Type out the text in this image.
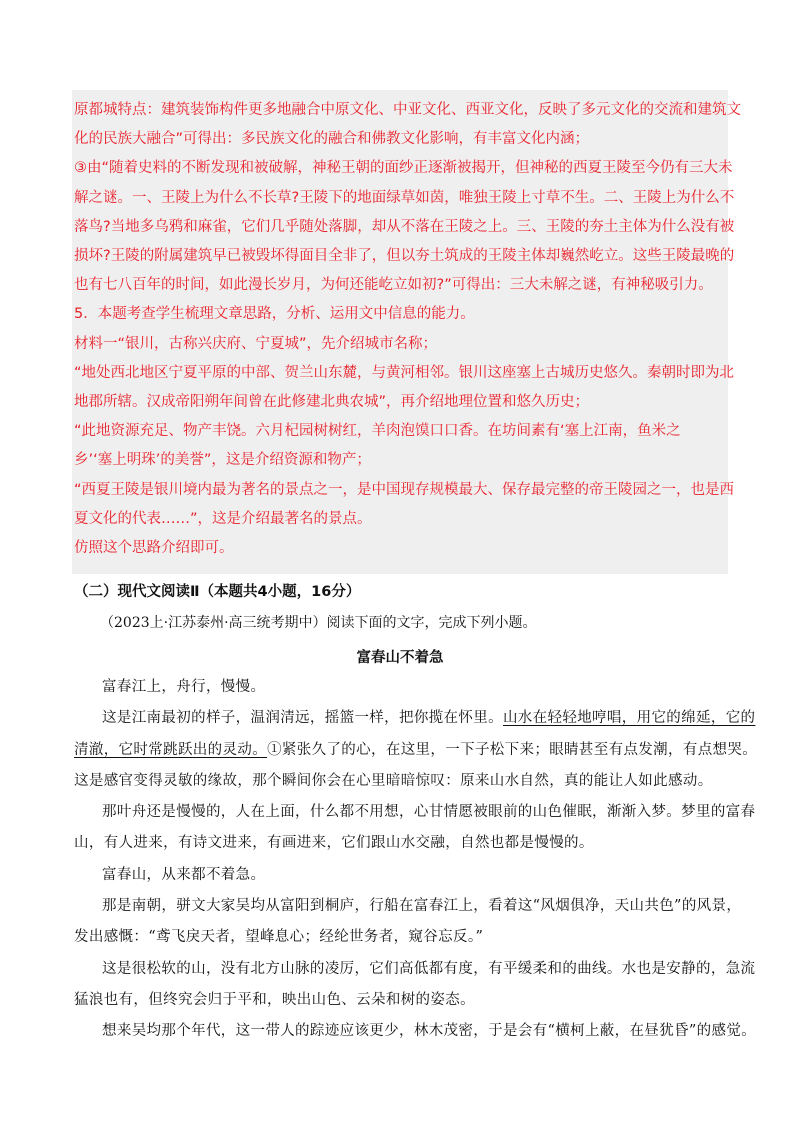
原都城特点：建筑装饰构件更多地融合中原文化、中亚文化、西亚文化，反映了多元文化的交流和建筑文

化的民族大融合”可得出：多民族文化的融合和佛教文化影响，有丰富文化内涵；

③由“随着史料的不断发现和被破解，神秘王朝的面纱正逐渐被揭开，但神秘的西夏王陵至今仍有三大未

解之谜。一、王陵上为什么不长草?王陵下的地面绿草如茵，唯独王陵上寸草不生。二、王陵上为什么不

落鸟?当地多乌鸦和麻雀，它们几乎随处落脚，却从不落在王陵之上。三、王陵的夯土主体为什么没有被

损坏?王陵的附属建筑早已被毁坏得面目全非了，但以夯土筑成的王陵主体却巍然屹立。这些王陵最晚的

也有七八百年的时间，如此漫长岁月，为何还能屹立如初?”可得出：三大未解之谜，有神秘吸引力。

5．本题考查学生梳理文章思路，分析、运用文中信息的能力。

材料一“银川，古称兴庆府、宁夏城”，先介绍城市名称；

“地处西北地区宁夏平原的中部、贺兰山东麓，与黄河相邻。银川这座塞上古城历史悠久。秦朝时即为北

地郡所辖。汉成帝阳朔年间曾在此修建北典农城”，再介绍地理位置和悠久历史；

“此地资源充足、物产丰饶。六月杞园树树红，羊肉泡馍口口香。在坊间素有‘塞上江南，鱼米之

乡’‘塞上明珠’的美誉”，这是介绍资源和物产；

“西夏王陵是银川境内最为著名的景点之一，是中国现存规模最大、保存最完整的帝王陵园之一，也是西

夏文化的代表……”，这是介绍最著名的景点。

仿照这个思路介绍即可。

（二）现代文阅读Ⅱ（本题共4小题，16分）
（2023上·江苏泰州·高三统考期中）阅读下面的文字，完成下列小题。
富春山不着急

富春江上，舟行，慢慢。

这是江南最初的样子，温润清远，摇篮一样，把你揽在怀里。山水在轻轻地哼唱，用它的绵延，它的

清澈，它时常跳跃出的灵动。①紧张久了的心，在这里，一下子松下来；眼睛甚至有点发潮，有点想哭。

这是感官变得灵敏的缘故，那个瞬间你会在心里暗暗惊叹：原来山水自然，真的能让人如此感动。

那叶舟还是慢慢的，人在上面，什么都不用想，心甘情愿被眼前的山色催眠，渐渐入梦。梦里的富春

山，有人进来，有诗文进来，有画进来，它们跟山水交融，自然也都是慢慢的。

富春山，从来都不着急。

那是南朝，骈文大家吴均从富阳到桐庐，行船在富春江上，看着这“风烟俱净，天山共色”的风景，

发出感慨：“鸢飞戾天者，望峰息心；经纶世务者，窥谷忘反。”

这是很松软的山，没有北方山脉的凌厉，它们高低都有度，有平缓柔和的曲线。水也是安静的，急流

猛浪也有，但终究会归于平和，映出山色、云朵和树的姿态。

想来吴均那个年代，这一带人的踪迹应该更少，林木茂密，于是会有“横柯上蔽，在昼犹昏”的感觉。
